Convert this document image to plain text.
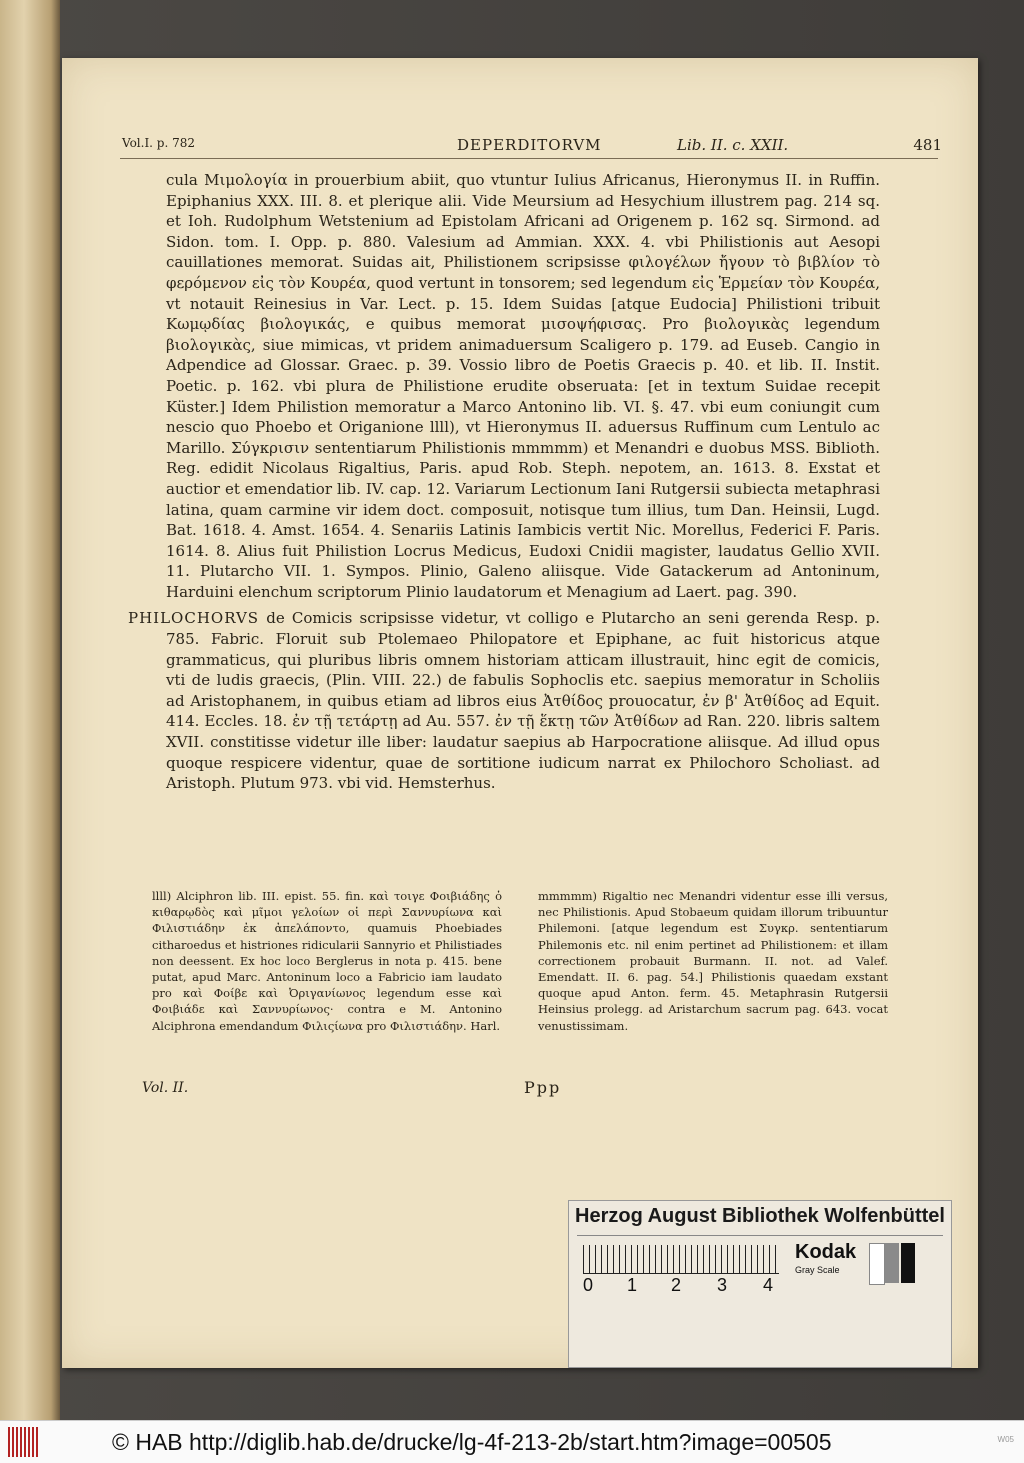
Vol.I. p. 782	DEPERDITORVM	Lib. II. c. XXII.	481

cula Μιμολογία in prouerbium abiit, quo vtuntur Iulius Africanus, Hieronymus II. in Ruffin. Epiphanius XXX. III. 8. et plerique alii. Vide Meursium ad Hesychium illustrem pag. 214 sq. et Ioh. Rudolphum Wetstenium ad Epistolam Africani ad Origenem p. 162 sq. Sirmond. ad Sidon. tom. I. Opp. p. 880. Valesium ad Ammian. XXX. 4. vbi Philistionis aut Aesopi cauillationes memorat. Suidas ait, Philistionem scripsisse φιλογέλων ἤγουν τὸ βιβλίον τὸ φερόμενον εἰς τὸν Κουρέα, quod vertunt in tonsorem; sed legendum εἰς Ἑρμείαν τὸν Κουρέα, vt notauit Reinesius in Var. Lect. p. 15. Idem Suidas [atque Eudocia] Philistioni tribuit Κωμῳδίας βιολογικάς, e quibus memorat μισοψήφισας. Pro βιολογικὰς legendum βιολογικὰς, siue mimicas, vt pridem animaduersum Scaligero p. 179. ad Euseb. Cangio in Adpendice ad Glossar. Graec. p. 39. Vossio libro de Poetis Graecis p. 40. et lib. II. Instit. Poetic. p. 162. vbi plura de Philistione erudite obseruata: [et in textum Suidae recepit Küster.] Idem Philistion memoratur a Marco Antonino lib. VI. §. 47. vbi eum coniungit cum nescio quo Phoebo et Origanione llll), vt Hieronymus II. aduersus Ruffinum cum Lentulo ac Marillo. Σύγκρισιν sententiarum Philistionis mmmmm) et Menandri e duobus MSS. Biblioth. Reg. edidit Nicolaus Rigaltius, Paris. apud Rob. Steph. nepotem, an. 1613. 8. Exstat et auctior et emendatior lib. IV. cap. 12. Variarum Lectionum Iani Rutgersii subiecta metaphrasi latina, quam carmine vir idem doct. composuit, notisque tum illius, tum Dan. Heinsii, Lugd. Bat. 1618. 4. Amst. 1654. 4. Senariis Latinis Iambicis vertit Nic. Morellus, Federici F. Paris. 1614. 8. Alius fuit Philistion Locrus Medicus, Eudoxi Cnidii magister, laudatus Gellio XVII. 11. Plutarcho VII. 1. Sympos. Plinio, Galeno aliisque. Vide Gatackerum ad Antoninum, Harduini elenchum scriptorum Plinio laudatorum et Menagium ad Laert. pag. 390.

PHILOCHORVS de Comicis scripsisse videtur, vt colligo e Plutarcho an seni gerenda Resp. p. 785. Fabric. Floruit sub Ptolemaeo Philopatore et Epiphane, ac fuit historicus atque grammaticus, qui pluribus libris omnem historiam atticam illustrauit, hinc egit de comicis, vti de ludis graecis, (Plin. VIII. 22.) de fabulis Sophoclis etc. saepius memoratur in Scholiis ad Aristophanem, in quibus etiam ad libros eius Ἀτθίδος prouocatur, ἐν β' Ἀτθίδος ad Equit. 414. Eccles. 18. ἐν τῇ τετάρτῃ ad Au. 557. ἐν τῇ ἕκτῃ τῶν Ἀτθίδων ad Ran. 220. libris saltem XVII. constitisse videtur ille liber: laudatur saepius ab Harpocratione aliisque. Ad illud opus quoque respicere videntur, quae de sortitione iudicum narrat ex Philochoro Scholiast. ad Aristoph. Plutum 973. vbi vid. Hemsterhus.

llll) Alciphron lib. III. epist. 55. fin. καὶ τοιγε Φοιβιάδης ὁ κιθαρῳδὸς καὶ μῖμοι γελοίων οἱ περὶ Σαννυρίωνα καὶ Φιλιστιάδην ἐκ ἀπελάποντο, quamuis Phoebiades citharoedus et histriones ridicularii Sannyrio et Philistiades non deessent. Ex hoc loco Berglerus in nota p. 415. bene putat, apud Marc. Antoninum loco a Fabricio iam laudato pro καὶ Φοίβε καὶ Ὀριγανίωνος legendum esse καὶ Φοιβιάδε καὶ Σαννυρίωνος· contra e M. Antonino Alciphrona emendandum Φιλιςίωνα pro Φιλιστιάδην. Harl.
mmmmm) Rigaltio nec Menandri videntur esse illi versus, nec Philistionis. Apud Stobaeum quidam illorum tribuuntur Philemoni. [atque legendum est Συγκρ. sententiarum Philemonis etc. nil enim pertinet ad Philistionem: et illam correctionem probauit Burmann. II. not. ad Valef. Emendatt. II. 6. pag. 54.] Philistionis quaedam exstant quoque apud Anton. ferm. 45. Metaphrasin Rutgersii Heinsius prolegg. ad Aristarchum sacrum pag. 643. vocat venustissimam.
Vol. II.	Ppp
Herzog August Bibliothek Wolfenbüttel
0 1 2 3 4
Kodak
Gray Scale
© HAB http://diglib.hab.de/drucke/lg-4f-213-2b/start.htm?image=00505	W05
